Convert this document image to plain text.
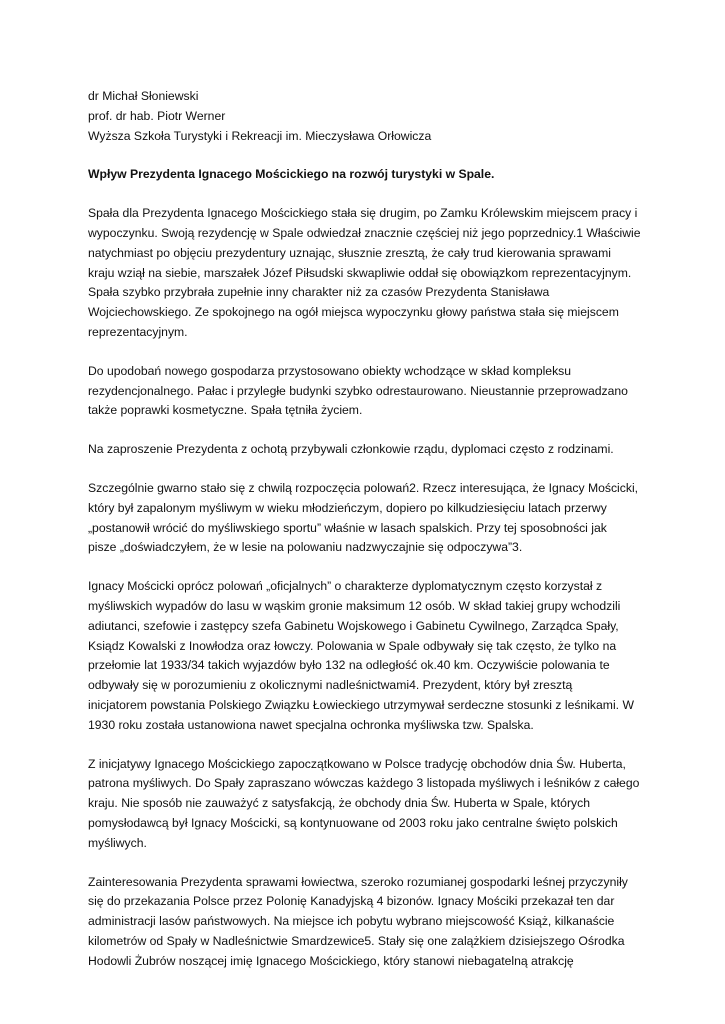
dr Michał Słoniewski
prof. dr hab. Piotr Werner
Wyższa Szkoła Turystyki i Rekreacji im. Mieczysława Orłowicza
Wpływ Prezydenta Ignacego Mościckiego na rozwój turystyki w Spale.
Spała dla Prezydenta Ignacego Mościckiego stała się drugim, po Zamku Królewskim miejscem pracy i
wypoczynku. Swoją rezydencję w Spale odwiedzał znacznie częściej niż jego poprzednicy.1 Właściwie
natychmiast po objęciu prezydentury uznając, słusznie zresztą, że cały trud kierowania sprawami
kraju wziął na siebie, marszałek Józef Piłsudski skwapliwie oddał się obowiązkom reprezentacyjnym.
Spała szybko przybrała zupełnie inny charakter niż za czasów Prezydenta Stanisława
Wojciechowskiego. Ze spokojnego na ogół miejsca wypoczynku głowy państwa stała się miejscem
reprezentacyjnym.
Do upodobań nowego gospodarza przystosowano obiekty wchodzące w skład kompleksu
rezydencjonalnego. Pałac i przyległe budynki szybko odrestaurowano. Nieustannie przeprowadzano
także poprawki kosmetyczne. Spała tętniła życiem.
Na zaproszenie Prezydenta z ochotą przybywali członkowie rządu, dyplomaci często z rodzinami.
Szczególnie gwarno stało się z chwilą rozpoczęcia polowań2. Rzecz interesująca, że Ignacy Mościcki,
który był zapalonym myśliwym w wieku młodzieńczym, dopiero po kilkudziesięciu latach przerwy
„postanowił wrócić do myśliwskiego sportu” właśnie w lasach spalskich. Przy tej sposobności jak
pisze „doświadczyłem, że w lesie na polowaniu nadzwyczajnie się odpoczywa”3.
Ignacy Mościcki oprócz polowań „oficjalnych” o charakterze dyplomatycznym często korzystał z
myśliwskich wypadów do lasu w wąskim gronie maksimum 12 osób. W skład takiej grupy wchodzili
adiutanci, szefowie i zastępcy szefa Gabinetu Wojskowego i Gabinetu Cywilnego, Zarządca Spały,
Ksiądz Kowalski z Inowłodza oraz łowczy. Polowania w Spale odbywały się tak często, że tylko na
przełomie lat 1933/34 takich wyjazdów było 132 na odległość ok.40 km. Oczywiście polowania te
odbywały się w porozumieniu z okolicznymi nadleśnictwami4. Prezydent, który był zresztą
inicjatorem powstania Polskiego Związku Łowieckiego utrzymywał serdeczne stosunki z leśnikami. W
1930 roku została ustanowiona nawet specjalna ochronka myśliwska tzw. Spalska.
Z inicjatywy Ignacego Mościckiego zapoczątkowano w Polsce tradycję obchodów dnia Św. Huberta,
patrona myśliwych. Do Spały zapraszano wówczas każdego 3 listopada myśliwych i leśników z całego
kraju. Nie sposób nie zauważyć z satysfakcją, że obchody dnia Św. Huberta w Spale, których
pomysłodawcą był Ignacy Mościcki, są kontynuowane od 2003 roku jako centralne święto polskich
myśliwych.
Zainteresowania Prezydenta sprawami łowiectwa, szeroko rozumianej gospodarki leśnej przyczyniły
się do przekazania Polsce przez Polonię Kanadyjską 4 bizonów. Ignacy Mościki przekazał ten dar
administracji lasów państwowych. Na miejsce ich pobytu wybrano miejscowość Książ, kilkanaście
kilometrów od Spały w Nadleśnictwie Smardzewice5. Stały się one zalążkiem dzisiejszego Ośrodka
Hodowli Żubrów noszącej imię Ignacego Mościckiego, który stanowi niebagatelną atrakcję
